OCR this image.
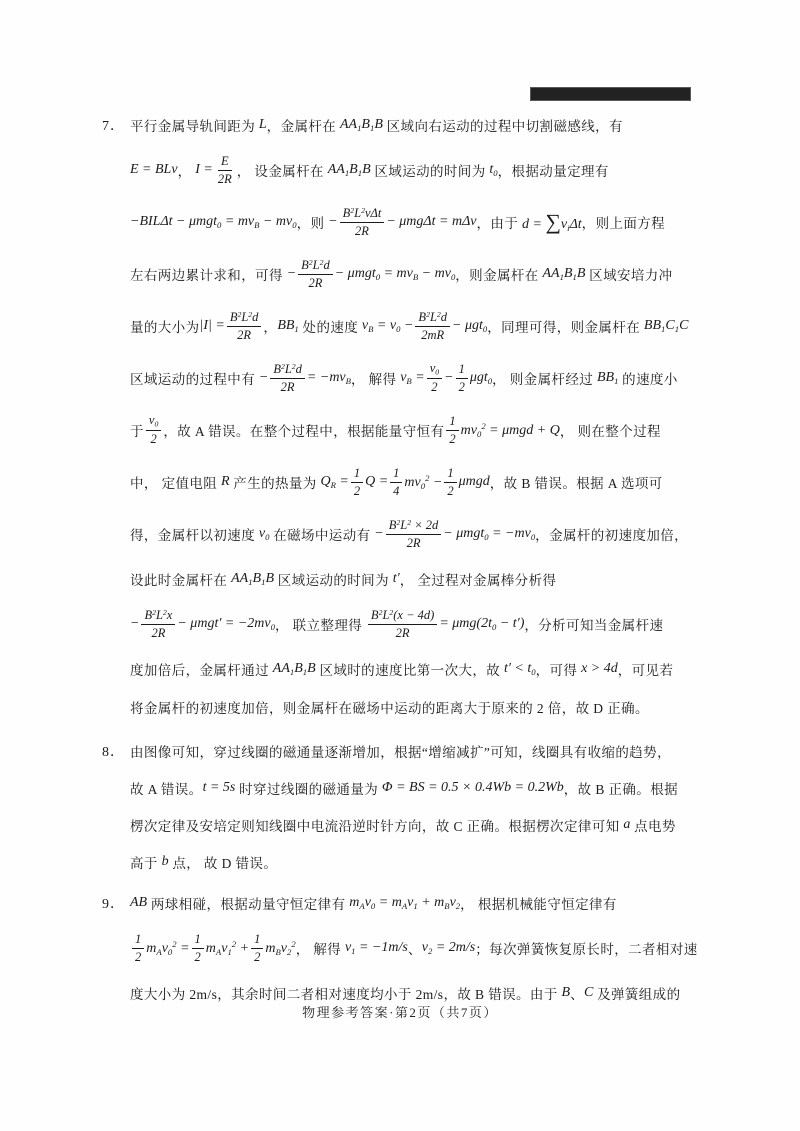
7． 平行金属导轨间距为 L ，金属杆在 $AA_1B_1B$ 区域向右运动的过程中切割磁感线，有
E = BLv ， $I = \frac{E}{2R}$ ， 设金属杆在 $AA_1B_1B$ 区域运动的时间为 $t_0$ ，根据动量定理有
$-BIL\Delta t - \mu mgt_0 = mv_B - mv_0$ ，则 − $\frac{B^2L^2v\Delta t}{2R} - \mu mg\Delta t = m\Delta v$ ，由于 $d = \sum v_i\Delta t$ ，则上面方程
左右两边累计求和，可得 − $\frac{B^2L^2d}{2R} - \mu mgt_0 = mv_B - mv_0$ ，则金属杆在 $AA_1B_1B$ 区域安培力冲
量的大小为 $|I| = \frac{B^2L^2d}{2R}$ ， $BB_1$ 处的速度 $v_B = v_0 - \frac{B^2L^2d}{2mR} - \mu gt_0$ ，同理可得，则金属杆在 $BB_1C_1C$
区域运动的过程中有 − $\frac{B^2L^2d}{2R} = -mv_B$ ， 解得 $v_B = \frac{v_0}{2} - \frac{1}{2} \mu gt_0$ ， 则金属杆经过 $BB_1$ 的速度小
于 $\frac{v_0}{2}$ ，故 A 错误。在整个过程中，根据能量守恒有 $\frac{1}{2} mv_0^2 = \mu mgd + Q$ ， 则在整个过程
中， 定值电阻 R 产生的热量为 $Q_R = \frac{1}{2}$ $Q = \frac{1}{4} mv_0^2 - \frac{1}{2}$ μmgd ，故 B 错误。根据 A 选项可
得，金属杆以初速度 $v_0$ 在磁场中运动有 − $\frac{B^2L^2 \times 2d}{2R} - \mu mgt_0 = -mv_0$ ，金属杆的初速度加倍，
设此时金属杆在 $AA_1B_1B$ 区域运动的时间为 t′ ， 全过程对金属棒分析得
− $\frac{B^2L^2x}{2R} - \mu mgt' = -2mv_0$ ， 联立整理得 $\frac{B^2L^2(x - 4d)}{2R} = \mu mg(2t_0 - t')$ ，分析可知当金属杆速
度加倍后，金属杆通过 $AA_1B_1B$ 区域时的速度比第一次大，故 $t' < t_0$ ，可得 x > 4d ，可见若
将金属杆的初速度加倍，则金属杆在磁场中运动的距离大于原来的 2 倍，故 D 正确。
8． 由图像可知，穿过线圈的磁通量逐渐增加，根据“增缩减扩”可知，线圈具有收缩的趋势，
故 A 错误。 t = 5s 时穿过线圈的磁通量为 Φ = BS = 0.5 × 0.4Wb = 0.2Wb ，故 B 正确。根据
楞次定律及安培定则知线圈中电流沿逆时针方向，故 C 正确。根据楞次定律可知 a 点电势
高于 b 点， 故 D 错误。
9． AB 两球相碰，根据动量守恒定律有 $m_Av_0 = m_Av_1 + m_Bv_2$ ， 根据机械能守恒定律有
$\frac{1}{2} m_Av_0^2 = \frac{1}{2} m_Av_1^2 + \frac{1}{2} m_Bv_2^2$ ， 解得 $v_1 = -1m/s$ 、 $v_2 = 2m/s$ ；每次弹簧恢复原长时，二者相对速
度大小为 2m/s，其余时间二者相对速度均小于 2m/s，故 B 错误。由于 B 、 C 及弹簧组成的
物理参考答案·第2页（共7页）
